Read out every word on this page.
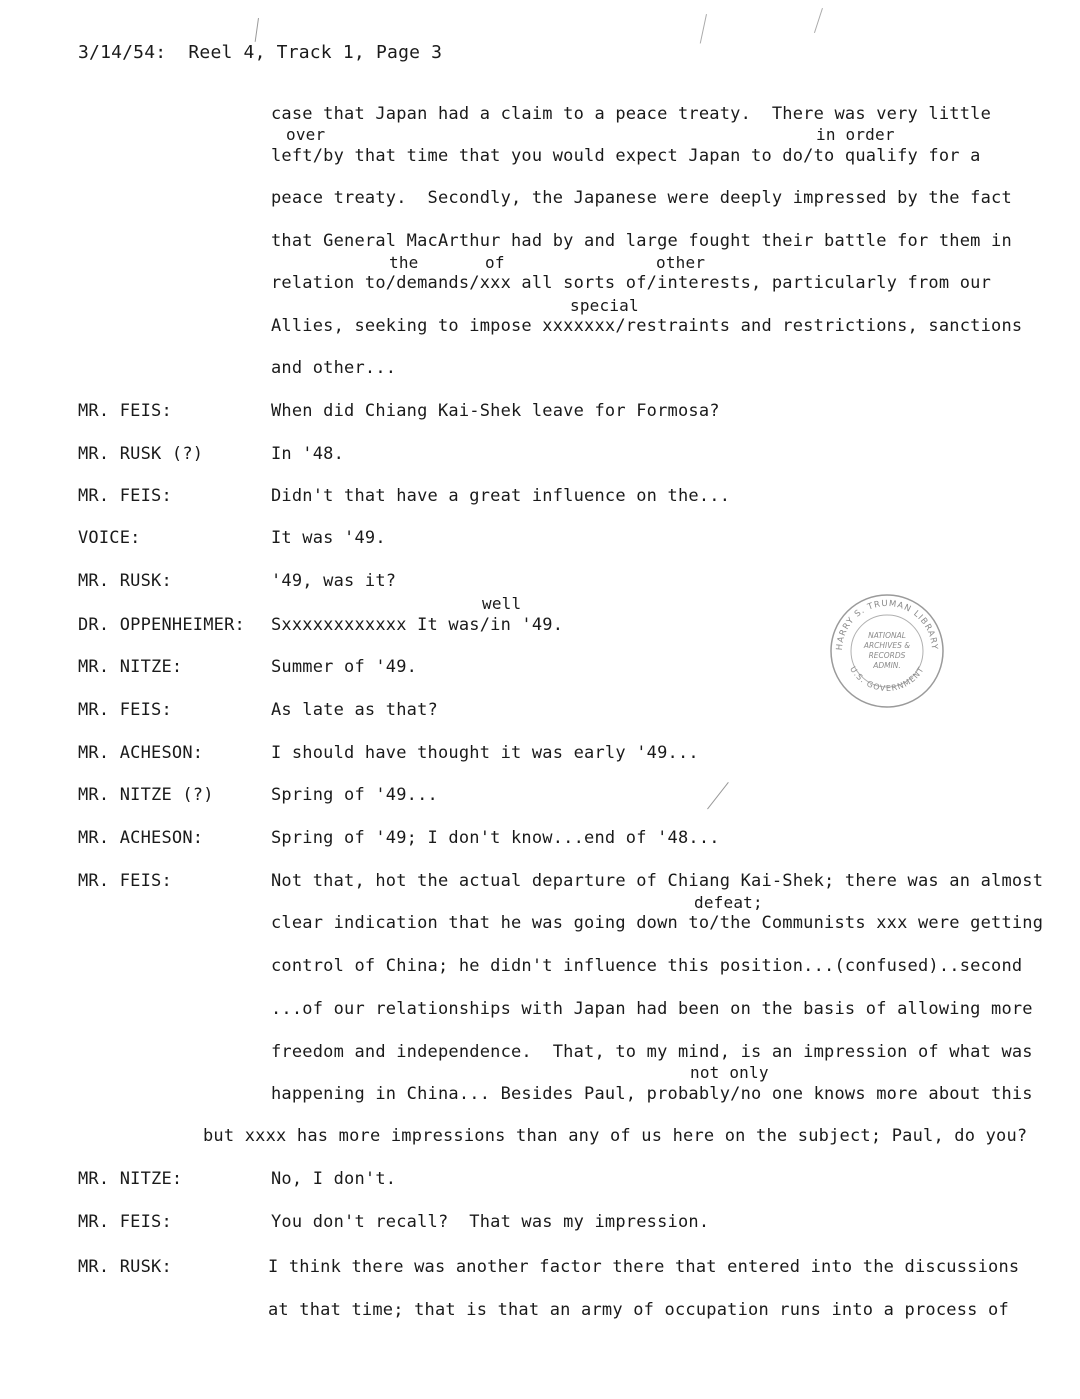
3/14/54:  Reel 4, Track 1, Page 3
case that Japan had a claim to a peace treaty.  There was very little
over	in order
left/by that time that you would expect Japan to do/to qualify for a
peace treaty.  Secondly, the Japanese were deeply impressed by the fact
that General MacArthur had by and large fought their battle for them in
the	of	other
relation to/demands/xxx all sorts of/interests, particularly from our
special
Allies, seeking to impose xxxxxxx/restraints and restrictions, sanctions
and other...
MR. FEIS:	When did Chiang Kai-Shek leave for Formosa?
MR. RUSK (?)	In '48.
MR. FEIS:	Didn't that have a great influence on the...
VOICE:	It was '49.
MR. RUSK:	'49, was it?
well
DR. OPPENHEIMER: Sxxxxxxxxxxxx It was/in '49.
MR. NITZE:	Summer of '49.
MR. FEIS:	As late as that?
MR. ACHESON:	I should have thought it was early '49...
MR. NITZE (?)	Spring of '49...
MR. ACHESON:	Spring of '49; I don't know...end of '48...
MR. FEIS:	Not that, hot the actual departure of Chiang Kai-Shek; there was an almost
defeat;
clear indication that he was going down to/the Communists xxx were getting
control of China; he didn't influence this position...(confused)..second
...of our relationships with Japan had been on the basis of allowing more
freedom and independence.  That, to my mind, is an impression of what was
not only
happening in China... Besides Paul, probably/no one knows more about this
but xxxx has more impressions than any of us here on the subject; Paul, do you?
MR. NITZE:	No, I don't.
MR. FEIS:	You don't recall?  That was my impression.
MR. RUSK:	I think there was another factor there that entered into the discussions
at that time; that is that an army of occupation runs into a process of
HARRY S. TRUMAN LIBRARY
U.S. GOVERNMENT
NATIONAL
ARCHIVES &
RECORDS
ADMIN.
